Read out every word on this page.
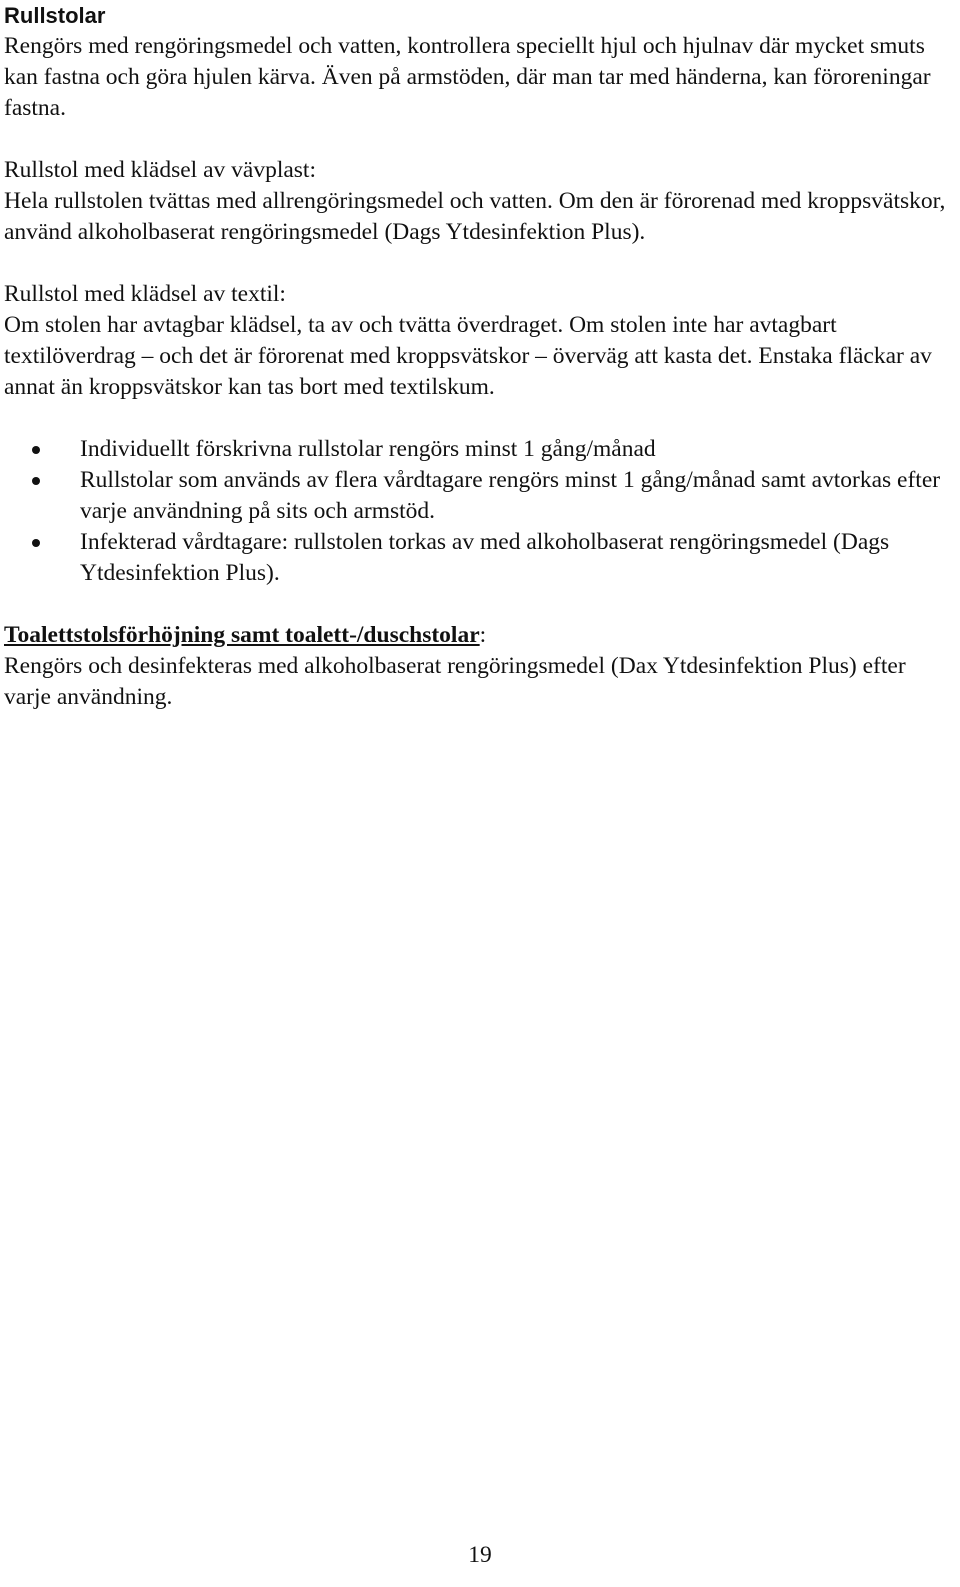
Rullstolar

Rengörs med rengöringsmedel och vatten, kontrollera speciellt hjul och hjulnav där mycket smuts kan fastna och göra hjulen kärva. Även på armstöden, där man tar med händerna, kan föroreningar fastna.

Rullstol med klädsel av vävplast:

Hela rullstolen tvättas med allrengöringsmedel och vatten. Om den är förorenad med kroppsvätskor, använd alkoholbaserat rengöringsmedel (Dags Ytdesinfektion Plus).

Rullstol med klädsel av textil:

Om stolen har avtagbar klädsel, ta av och tvätta överdraget. Om stolen inte har avtagbart textilöverdrag – och det är förorenat med kroppsvätskor – överväg att kasta det. Enstaka fläckar av annat än kroppsvätskor kan tas bort med textilskum.

Individuellt förskrivna rullstolar rengörs minst 1 gång/månad
Rullstolar som används av flera vårdtagare rengörs minst 1 gång/månad samt avtorkas efter varje användning på sits och armstöd.
Infekterad vårdtagare: rullstolen torkas av med alkoholbaserat rengöringsmedel (Dags Ytdesinfektion Plus).

Toalettstolsförhöjning samt toalett-/duschstolar:

Rengörs och desinfekteras med alkoholbaserat rengöringsmedel (Dax Ytdesinfektion Plus) efter varje användning.

19
